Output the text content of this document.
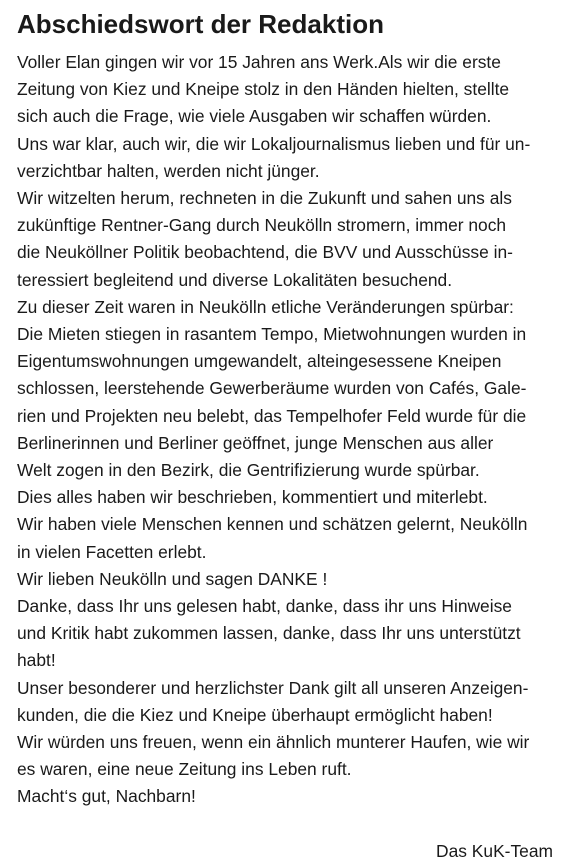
Abschiedswort der Redaktion
Voller Elan gingen wir vor 15 Jahren ans Werk.Als wir die erste
Zeitung von Kiez und Kneipe stolz in den Händen hielten, stellte
sich auch die Frage, wie viele Ausgaben wir schaffen würden.
Uns war klar, auch wir, die wir Lokaljournalismus lieben und für un-
verzichtbar halten, werden nicht jünger.
Wir witzelten herum, rechneten in die Zukunft und sahen uns als
zukünftige Rentner-Gang durch Neukölln stromern, immer noch
die Neuköllner Politik beobachtend, die BVV und Ausschüsse in-
teressiert begleitend und diverse Lokalitäten besuchend.
Zu dieser Zeit waren in Neukölln etliche Veränderungen spürbar:
Die Mieten stiegen in rasantem Tempo, Mietwohnungen wurden in
Eigentumswohnungen umgewandelt, alteingesessene Kneipen
schlossen, leerstehende Gewerberäume wurden von Cafés, Gale-
rien und Projekten neu belebt, das Tempelhofer Feld wurde für die
Berlinerinnen und Berliner geöffnet, junge Menschen aus aller
Welt zogen in den Bezirk, die Gentrifizierung wurde spürbar.
Dies alles haben wir beschrieben, kommentiert und miterlebt.
Wir haben viele Menschen kennen und schätzen gelernt, Neukölln
in vielen Facetten erlebt.
Wir lieben Neukölln und sagen DANKE !
Danke, dass Ihr uns gelesen habt, danke, dass ihr uns Hinweise
und Kritik habt zukommen lassen, danke, dass Ihr uns unterstützt
habt!
Unser besonderer und herzlichster Dank gilt all unseren Anzeigen-
kunden, die die Kiez und Kneipe überhaupt ermöglicht haben!
Wir würden uns freuen, wenn ein ähnlich munterer Haufen, wie wir
es waren, eine neue Zeitung ins Leben ruft.
Macht‘s gut, Nachbarn!
Das KuK-Team
